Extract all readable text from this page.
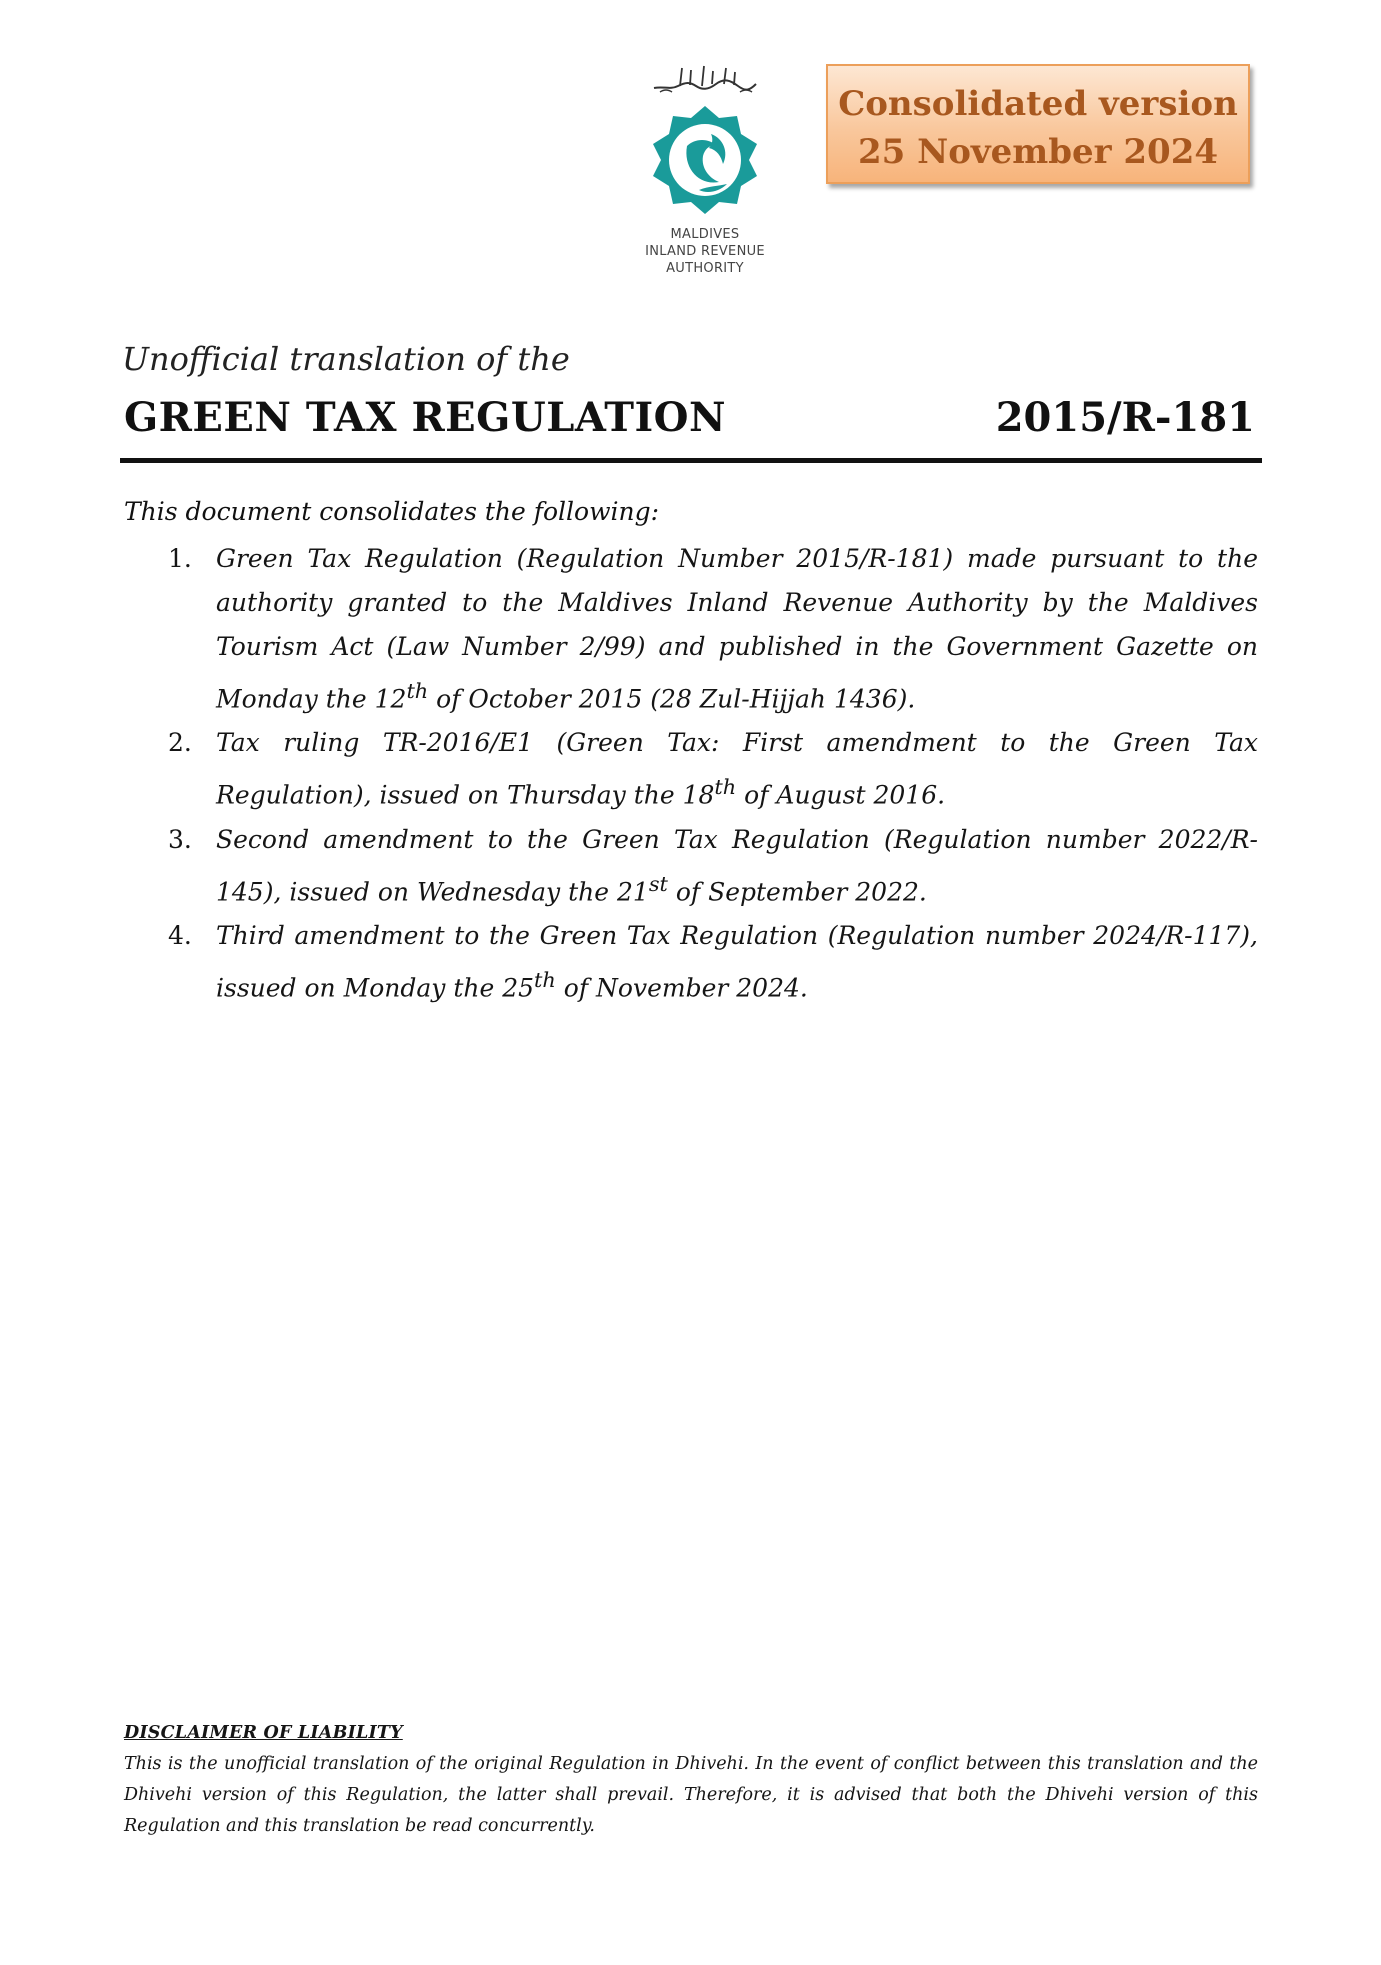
MALDIVES
INLAND REVENUE
AUTHORITY
Consolidated version
25 November 2024
Unofficial translation of the
GREEN TAX REGULATION	2015/R-181
This document consolidates the following:
1. Green Tax Regulation (Regulation Number 2015/R-181) made pursuant to the authority granted to the Maldives Inland Revenue Authority by the Maldives Tourism Act (Law Number 2/99) and published in the Government Gazette on Monday the 12th of October 2015 (28 Zul-Hijjah 1436).
2. Tax ruling TR-2016/E1 (Green Tax: First amendment to the Green Tax Regulation), issued on Thursday the 18th of August 2016.
3. Second amendment to the Green Tax Regulation (Regulation number 2022/R-145), issued on Wednesday the 21st of September 2022.
4. Third amendment to the Green Tax Regulation (Regulation number 2024/R-117), issued on Monday the 25th of November 2024.
DISCLAIMER OF LIABILITY
This is the unofficial translation of the original Regulation in Dhivehi. In the event of conflict between this translation and the Dhivehi version of this Regulation, the latter shall prevail. Therefore, it is advised that both the Dhivehi version of this Regulation and this translation be read concurrently.
